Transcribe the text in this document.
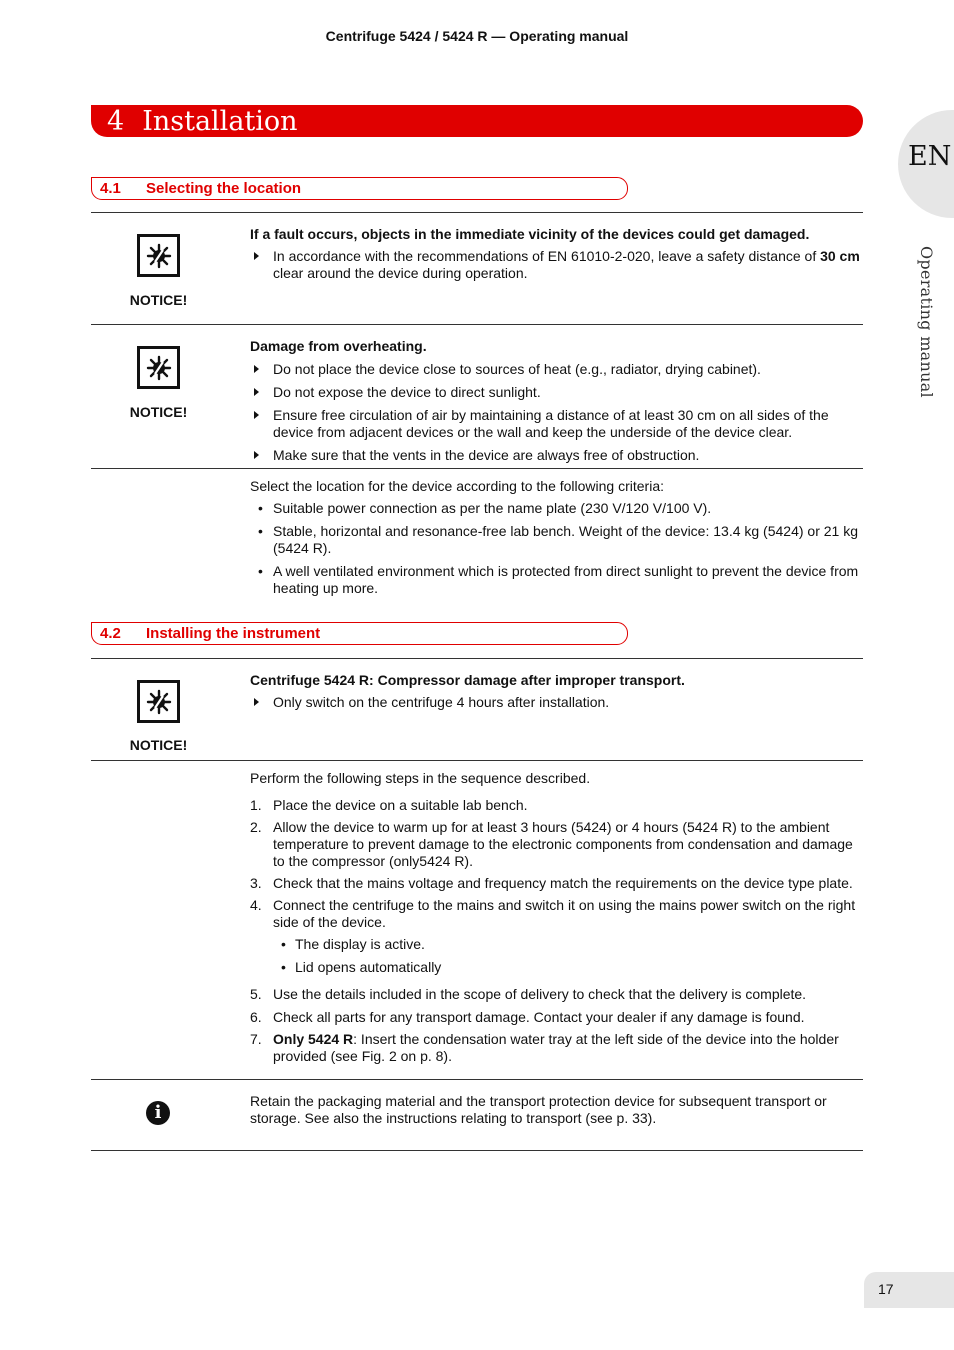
Centrifuge 5424 / 5424 R — Operating manual
4 Installation
EN
Operating manual
4.1	Selecting the location
NOTICE!
If a fault occurs, objects in the immediate vicinity of the devices could get damaged.
In accordance with the recommendations of EN 61010-2-020, leave a safety distance of 30 cm clear around the device during operation.
NOTICE!
Damage from overheating.
Do not place the device close to sources of heat (e.g., radiator, drying cabinet).
Do not expose the device to direct sunlight.
Ensure free circulation of air by maintaining a distance of at least 30 cm on all sides of the device from adjacent devices or the wall and keep the underside of the device clear.
Make sure that the vents in the device are always free of obstruction.
Select the location for the device according to the following criteria:
• Suitable power connection as per the name plate (230 V/120 V/100 V).
• Stable, horizontal and resonance-free lab bench. Weight of the device: 13.4 kg (5424) or 21 kg (5424 R).
• A well ventilated environment which is protected from direct sunlight to prevent the device from heating up more.
4.2	Installing the instrument
NOTICE!
Centrifuge 5424 R: Compressor damage after improper transport.
Only switch on the centrifuge 4 hours after installation.
Perform the following steps in the sequence described.
1. Place the device on a suitable lab bench.
2. Allow the device to warm up for at least 3 hours (5424) or 4 hours (5424 R) to the ambient temperature to prevent damage to the electronic components from condensation and damage to the compressor (only5424 R).
3. Check that the mains voltage and frequency match the requirements on the device type plate.
4. Connect the centrifuge to the mains and switch it on using the mains power switch on the right side of the device.
• The display is active.
• Lid opens automatically
5. Use the details included in the scope of delivery to check that the delivery is complete.
6. Check all parts for any transport damage. Contact your dealer if any damage is found.
7. Only 5424 R: Insert the condensation water tray at the left side of the device into the holder provided (see Fig. 2 on p. 8).
i
Retain the packaging material and the transport protection device for subsequent transport or storage. See also the instructions relating to transport (see p. 33).
17
